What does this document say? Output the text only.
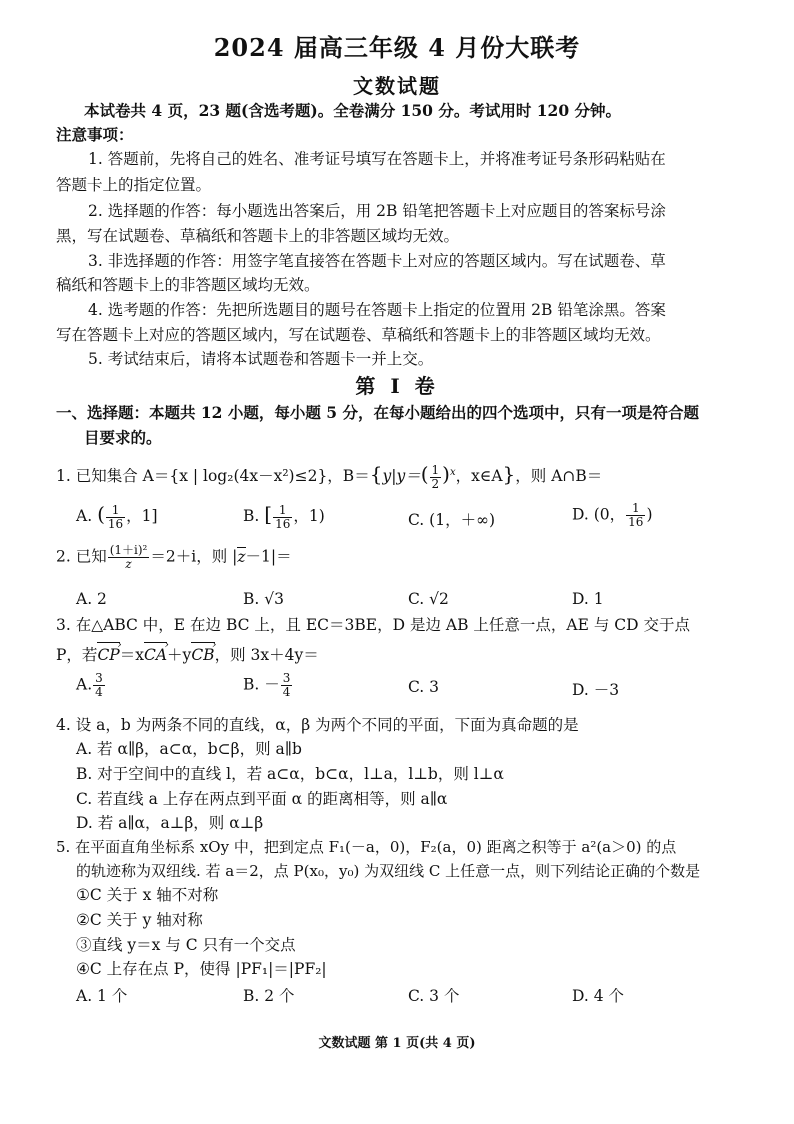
2024 届高三年级 4 月份大联考
文数试题
本试卷共 4 页，23 题(含选考题)。全卷满分 150 分。考试用时 120 分钟。
注意事项：
1. 答题前，先将自己的姓名、准考证号填写在答题卡上，并将准考证号条形码粘贴在
答题卡上的指定位置。
2. 选择题的作答：每小题选出答案后，用 2B 铅笔把答题卡上对应题目的答案标号涂
黑，写在试题卷、草稿纸和答题卡上的非答题区域均无效。
3. 非选择题的作答：用签字笔直接答在答题卡上对应的答题区域内。写在试题卷、草
稿纸和答题卡上的非答题区域均无效。
4. 选考题的作答：先把所选题目的题号在答题卡上指定的位置用 2B 铅笔涂黑。答案
写在答题卡上对应的答题区域内，写在试题卷、草稿纸和答题卡上的非答题区域均无效。
5. 考试结束后，请将本试题卷和答题卡一并上交。
第 Ⅰ 卷
一、选择题：本题共 12 小题，每小题 5 分，在每小题给出的四个选项中，只有一项是符合题
目要求的。
1. 已知集合 A＝{x | log₂(4x－x²)≤2}，$B=\{y|y=( \frac{1}{2} )^x$，x∈A}，则 A∩B＝
A. ( $\frac{1}{16}$ ，1]	B. [ $\frac{1}{16}$ ，1)	C. (1，＋∞)	D. (0， $\frac{1}{16}$ )
2. 已知 $\frac{\text{(1＋i)²}}{z} =2+i$，则 |z－1|＝
A. 2	B. √3	C. √2	D. 1
3. 在△ABC 中，E 在边 BC 上，且 EC＝3BE，D 是边 AB 上任意一点，AE 与 CD 交于点
P，若CP ›＝xCA ›＋yCB ›，则 3x＋4y＝
A. $\frac{3}{4}$	B. － $\frac{3}{4}$	C. 3	D. －3
4. 设 a，b 为两条不同的直线，α，β 为两个不同的平面，下面为真命题的是
A. 若 α∥β，a⊂α，b⊂β，则 a∥b
B. 对于空间中的直线 l，若 a⊂α，b⊂α，l⊥a，l⊥b，则 l⊥α
C. 若直线 a 上存在两点到平面 α 的距离相等，则 a∥α
D. 若 a∥α，a⊥β，则 α⊥β
5. 在平面直角坐标系 xOy 中，把到定点 F₁(－a，0)，F₂(a，0) 距离之积等于 a²(a＞0) 的点
的轨迹称为双纽线. 若 a＝2，点 P(x₀，y₀) 为双纽线 C 上任意一点，则下列结论正确的个数是
①C 关于 x 轴不对称
②C 关于 y 轴对称
③直线 y＝x 与 C 只有一个交点
④C 上存在点 P，使得 |PF₁|＝|PF₂|
A. 1 个	B. 2 个	C. 3 个	D. 4 个
文数试题 第 1 页(共 4 页)
